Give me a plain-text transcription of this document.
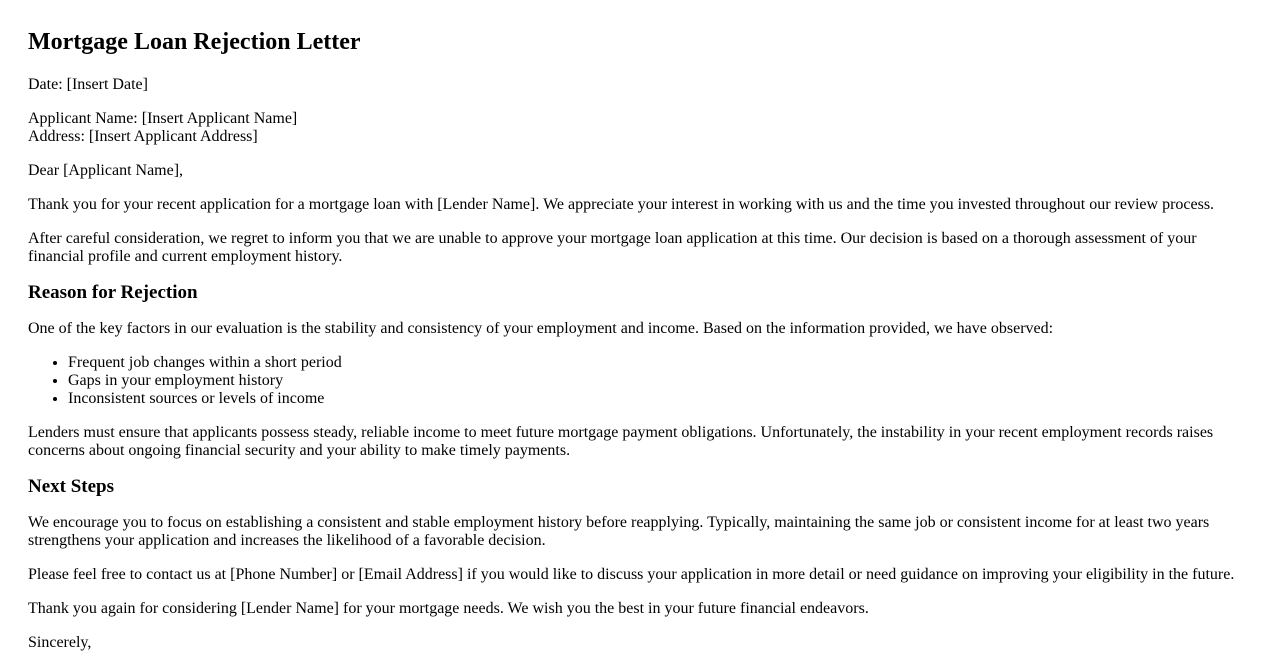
Mortgage Loan Rejection Letter

Date: [Insert Date]

Applicant Name: [Insert Applicant Name]
Address: [Insert Applicant Address]

Dear [Applicant Name],

Thank you for your recent application for a mortgage loan with [Lender Name]. We appreciate your interest in working with us and the time you invested throughout our review process.

After careful consideration, we regret to inform you that we are unable to approve your mortgage loan application at this time. Our decision is based on a thorough assessment of your financial profile and current employment history.

Reason for Rejection

One of the key factors in our evaluation is the stability and consistency of your employment and income. Based on the information provided, we have observed:

• Frequent job changes within a short period
• Gaps in your employment history
• Inconsistent sources or levels of income

Lenders must ensure that applicants possess steady, reliable income to meet future mortgage payment obligations. Unfortunately, the instability in your recent employment records raises concerns about ongoing financial security and your ability to make timely payments.

Next Steps

We encourage you to focus on establishing a consistent and stable employment history before reapplying. Typically, maintaining the same job or consistent income for at least two years strengthens your application and increases the likelihood of a favorable decision.

Please feel free to contact us at [Phone Number] or [Email Address] if you would like to discuss your application in more detail or need guidance on improving your eligibility in the future.

Thank you again for considering [Lender Name] for your mortgage needs. We wish you the best in your future financial endeavors.

Sincerely,
